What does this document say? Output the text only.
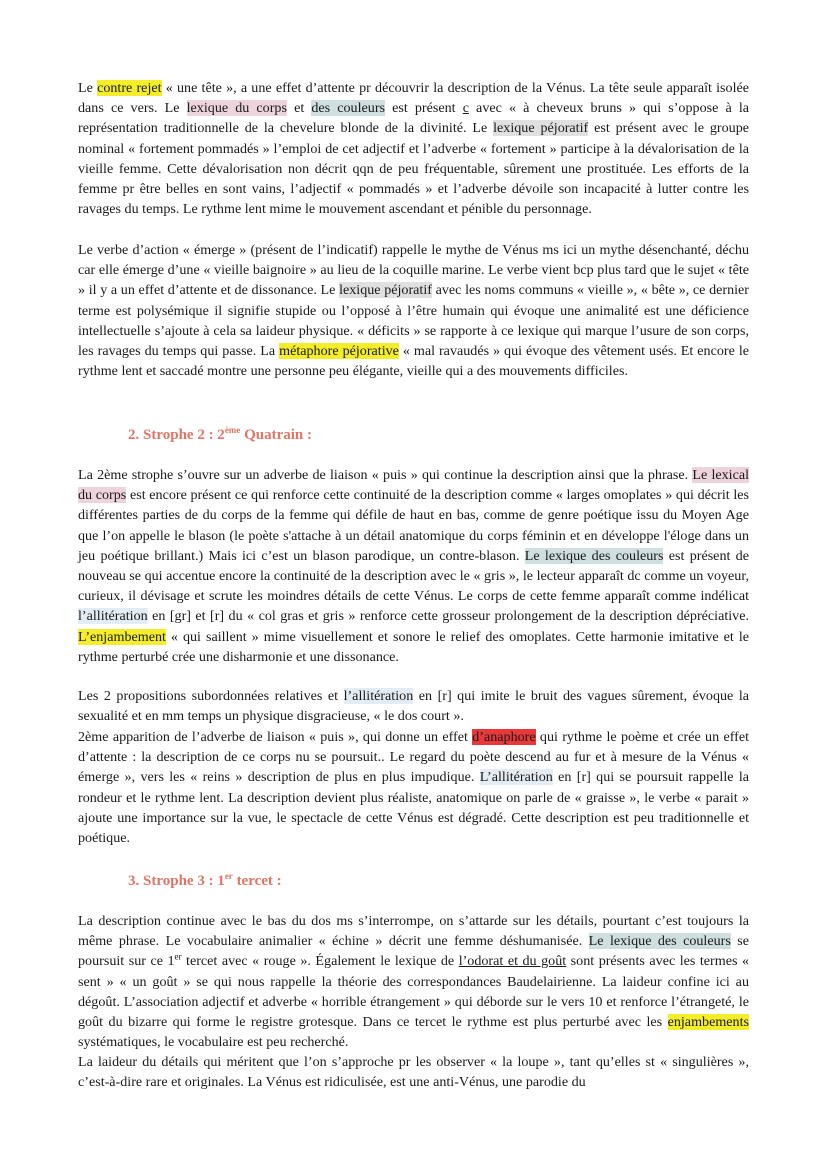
Le contre rejet « une tête », a une effet d’attente pr découvrir la description de la Vénus. La tête seule apparaît isolée dans ce vers. Le lexique du corps et des couleurs est présent c avec « à cheveux bruns » qui s’oppose à la représentation traditionnelle de la chevelure blonde de la divinité. Le lexique péjoratif est présent avec le groupe nominal « fortement pommadés » l’emploi de cet adjectif et l’adverbe « fortement » participe à la dévalorisation de la vieille femme. Cette dévalorisation non décrit qqn de peu fréquentable, sûrement une prostituée. Les efforts de la femme pr être belles en sont vains, l’adjectif « pommadés » et l’adverbe dévoile son incapacité à lutter contre les ravages du temps. Le rythme lent mime le mouvement ascendant et pénible du personnage.

Le verbe d’action « émerge » (présent de l’indicatif) rappelle le mythe de Vénus ms ici un mythe désenchanté, déchu car elle émerge d’une « vieille baignoire » au lieu de la coquille marine. Le verbe vient bcp plus tard que le sujet « tête » il y a un effet d’attente et de dissonance. Le lexique péjoratif avec les noms communs « vieille », « bête », ce dernier terme est polysémique il signifie stupide ou l’opposé à l’être humain qui évoque une animalité est une déficience intellectuelle s’ajoute à cela sa laideur physique. « déficits » se rapporte à ce lexique qui marque l’usure de son corps, les ravages du temps qui passe. La métaphore péjorative « mal ravaudés » qui évoque des vêtement usés. Et encore le rythme lent et saccadé montre une personne peu élégante, vieille qui a des mouvements difficiles.

2. Strophe 2 : 2ème Quatrain :

La 2ème strophe s’ouvre sur un adverbe de liaison « puis » qui continue la description ainsi que la phrase. Le lexical du corps est encore présent ce qui renforce cette continuité de la description comme « larges omoplates » qui décrit les différentes parties de du corps de la femme qui défile de haut en bas, comme de genre poétique issu du Moyen Age que l’on appelle le blason (le poète s'attache à un détail anatomique du corps féminin et en développe l'éloge dans un jeu poétique brillant.) Mais ici c’est un blason parodique, un contre-blason. Le lexique des couleurs est présent de nouveau se qui accentue encore la continuité de la description avec le « gris », le lecteur apparaît dc comme un voyeur, curieux, il dévisage et scrute les moindres détails de cette Vénus. Le corps de cette femme apparaît comme indélicat l’allitération en [gr] et [r] du « col gras et gris » renforce cette grosseur prolongement de la description dépréciative. L’enjambement « qui saillent » mime visuellement et sonore le relief des omoplates. Cette harmonie imitative et le rythme perturbé crée une disharmonie et une dissonance.

Les 2 propositions subordonnées relatives et l’allitération en [r] qui imite le bruit des vagues sûrement, évoque la sexualité et en mm temps un physique disgracieuse, « le dos court ».

2ème apparition de l’adverbe de liaison « puis », qui donne un effet d’anaphore qui rythme le poème et crée un effet d’attente : la description de ce corps nu se poursuit.. Le regard du poète descend au fur et à mesure de la Vénus « émerge », vers les « reins » description de plus en plus impudique. L’allitération en [r] qui se poursuit rappelle la rondeur et le rythme lent. La description devient plus réaliste, anatomique on parle de « graisse », le verbe « parait » ajoute une importance sur la vue, le spectacle de cette Vénus est dégradé. Cette description est peu traditionnelle et poétique.

3. Strophe 3 : 1er tercet :

La description continue avec le bas du dos ms s’interrompe, on s’attarde sur les détails, pourtant c’est toujours la même phrase. Le vocabulaire animalier « échine » décrit une femme déshumanisée. Le lexique des couleurs se poursuit sur ce 1er tercet avec « rouge ». Également le lexique de l’odorat et du goût sont présents avec les termes « sent » « un goût » se qui nous rappelle la théorie des correspondances Baudelairienne. La laideur confine ici au dégoût. L’association adjectif et adverbe « horrible étrangement » qui déborde sur le vers 10 et renforce l’étrangeté, le goût du bizarre qui forme le registre grotesque. Dans ce tercet le rythme est plus perturbé avec les enjambements systématiques, le vocabulaire est peu recherché.

La laideur du détails qui méritent que l’on s’approche pr les observer « la loupe », tant qu’elles st « singulières », c’est-à-dire rare et originales. La Vénus est ridiculisée, est une anti-Vénus, une parodie du
